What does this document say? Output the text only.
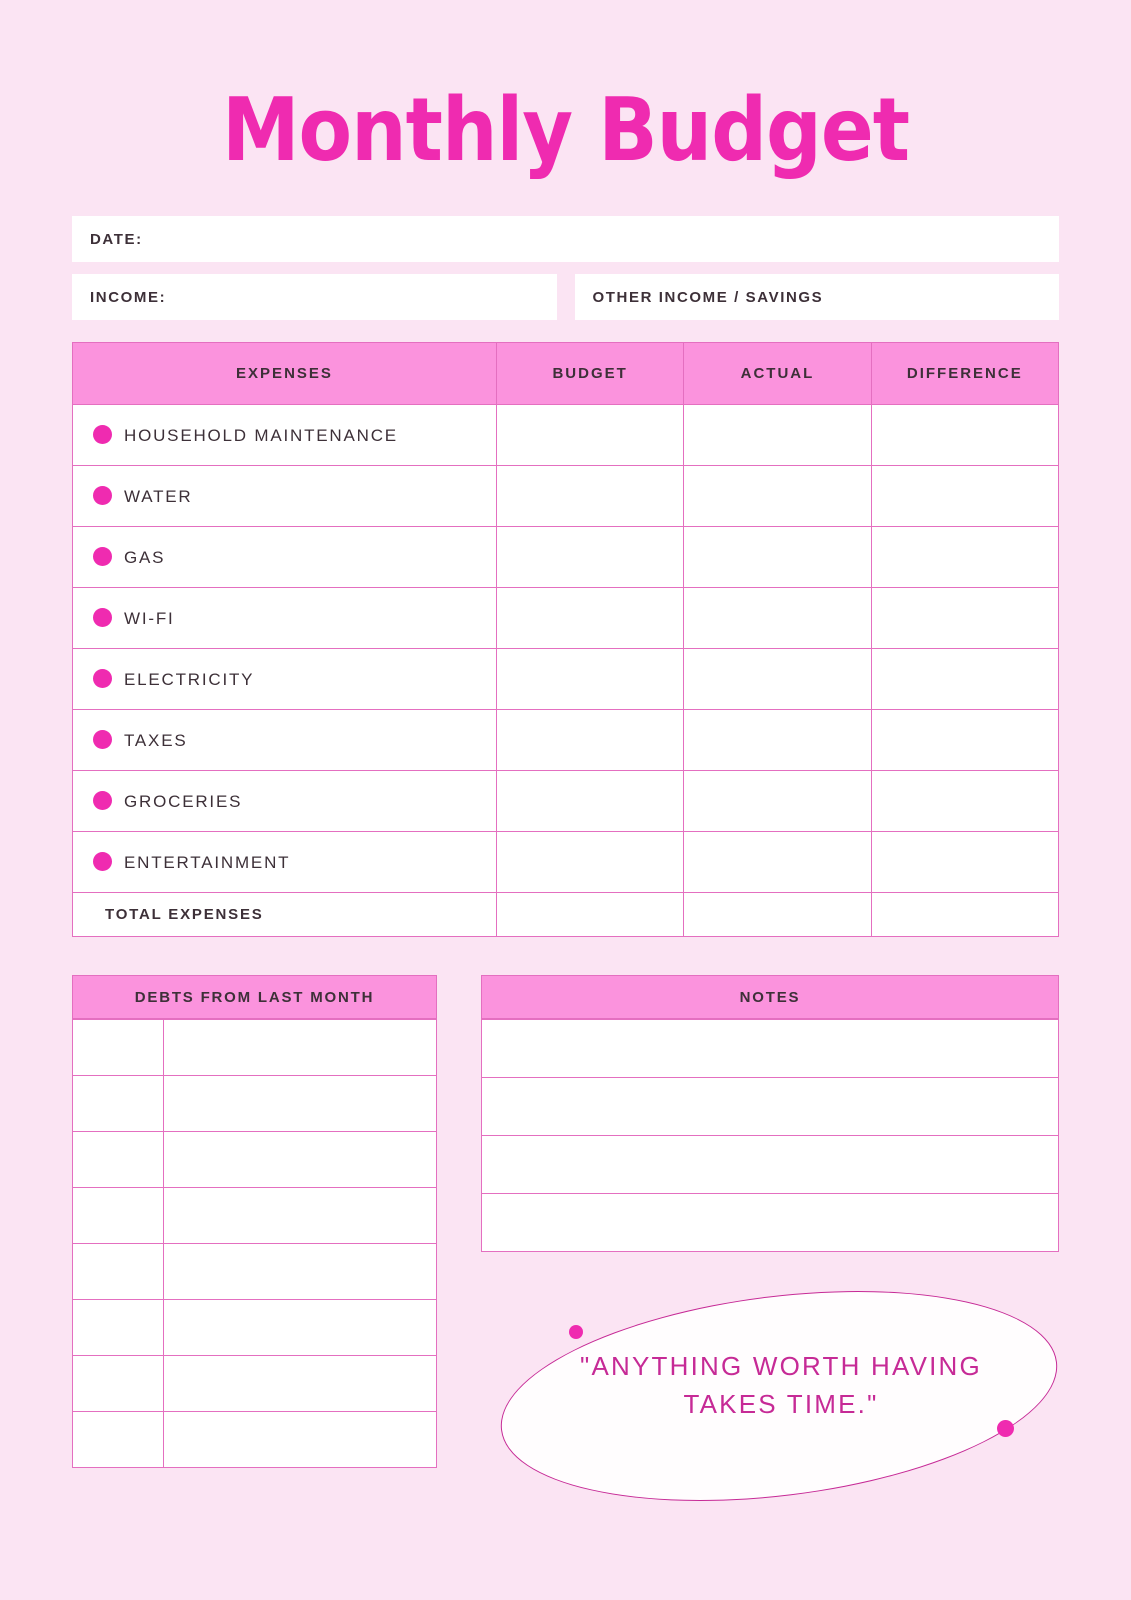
Monthly Budget
DATE:
INCOME:	OTHER INCOME / SAVINGS
EXPENSES	BUDGET	ACTUAL	DIFFERENCE
HOUSEHOLD MAINTENANCE			
WATER			
GAS			
WI-FI			
ELECTRICITY			
TAXES			
GROCERIES			
ENTERTAINMENT			
TOTAL EXPENSES			
DEBTS FROM LAST MONTH

		NOTES

"ANYTHING WORTH HAVING TAKES TIME."
